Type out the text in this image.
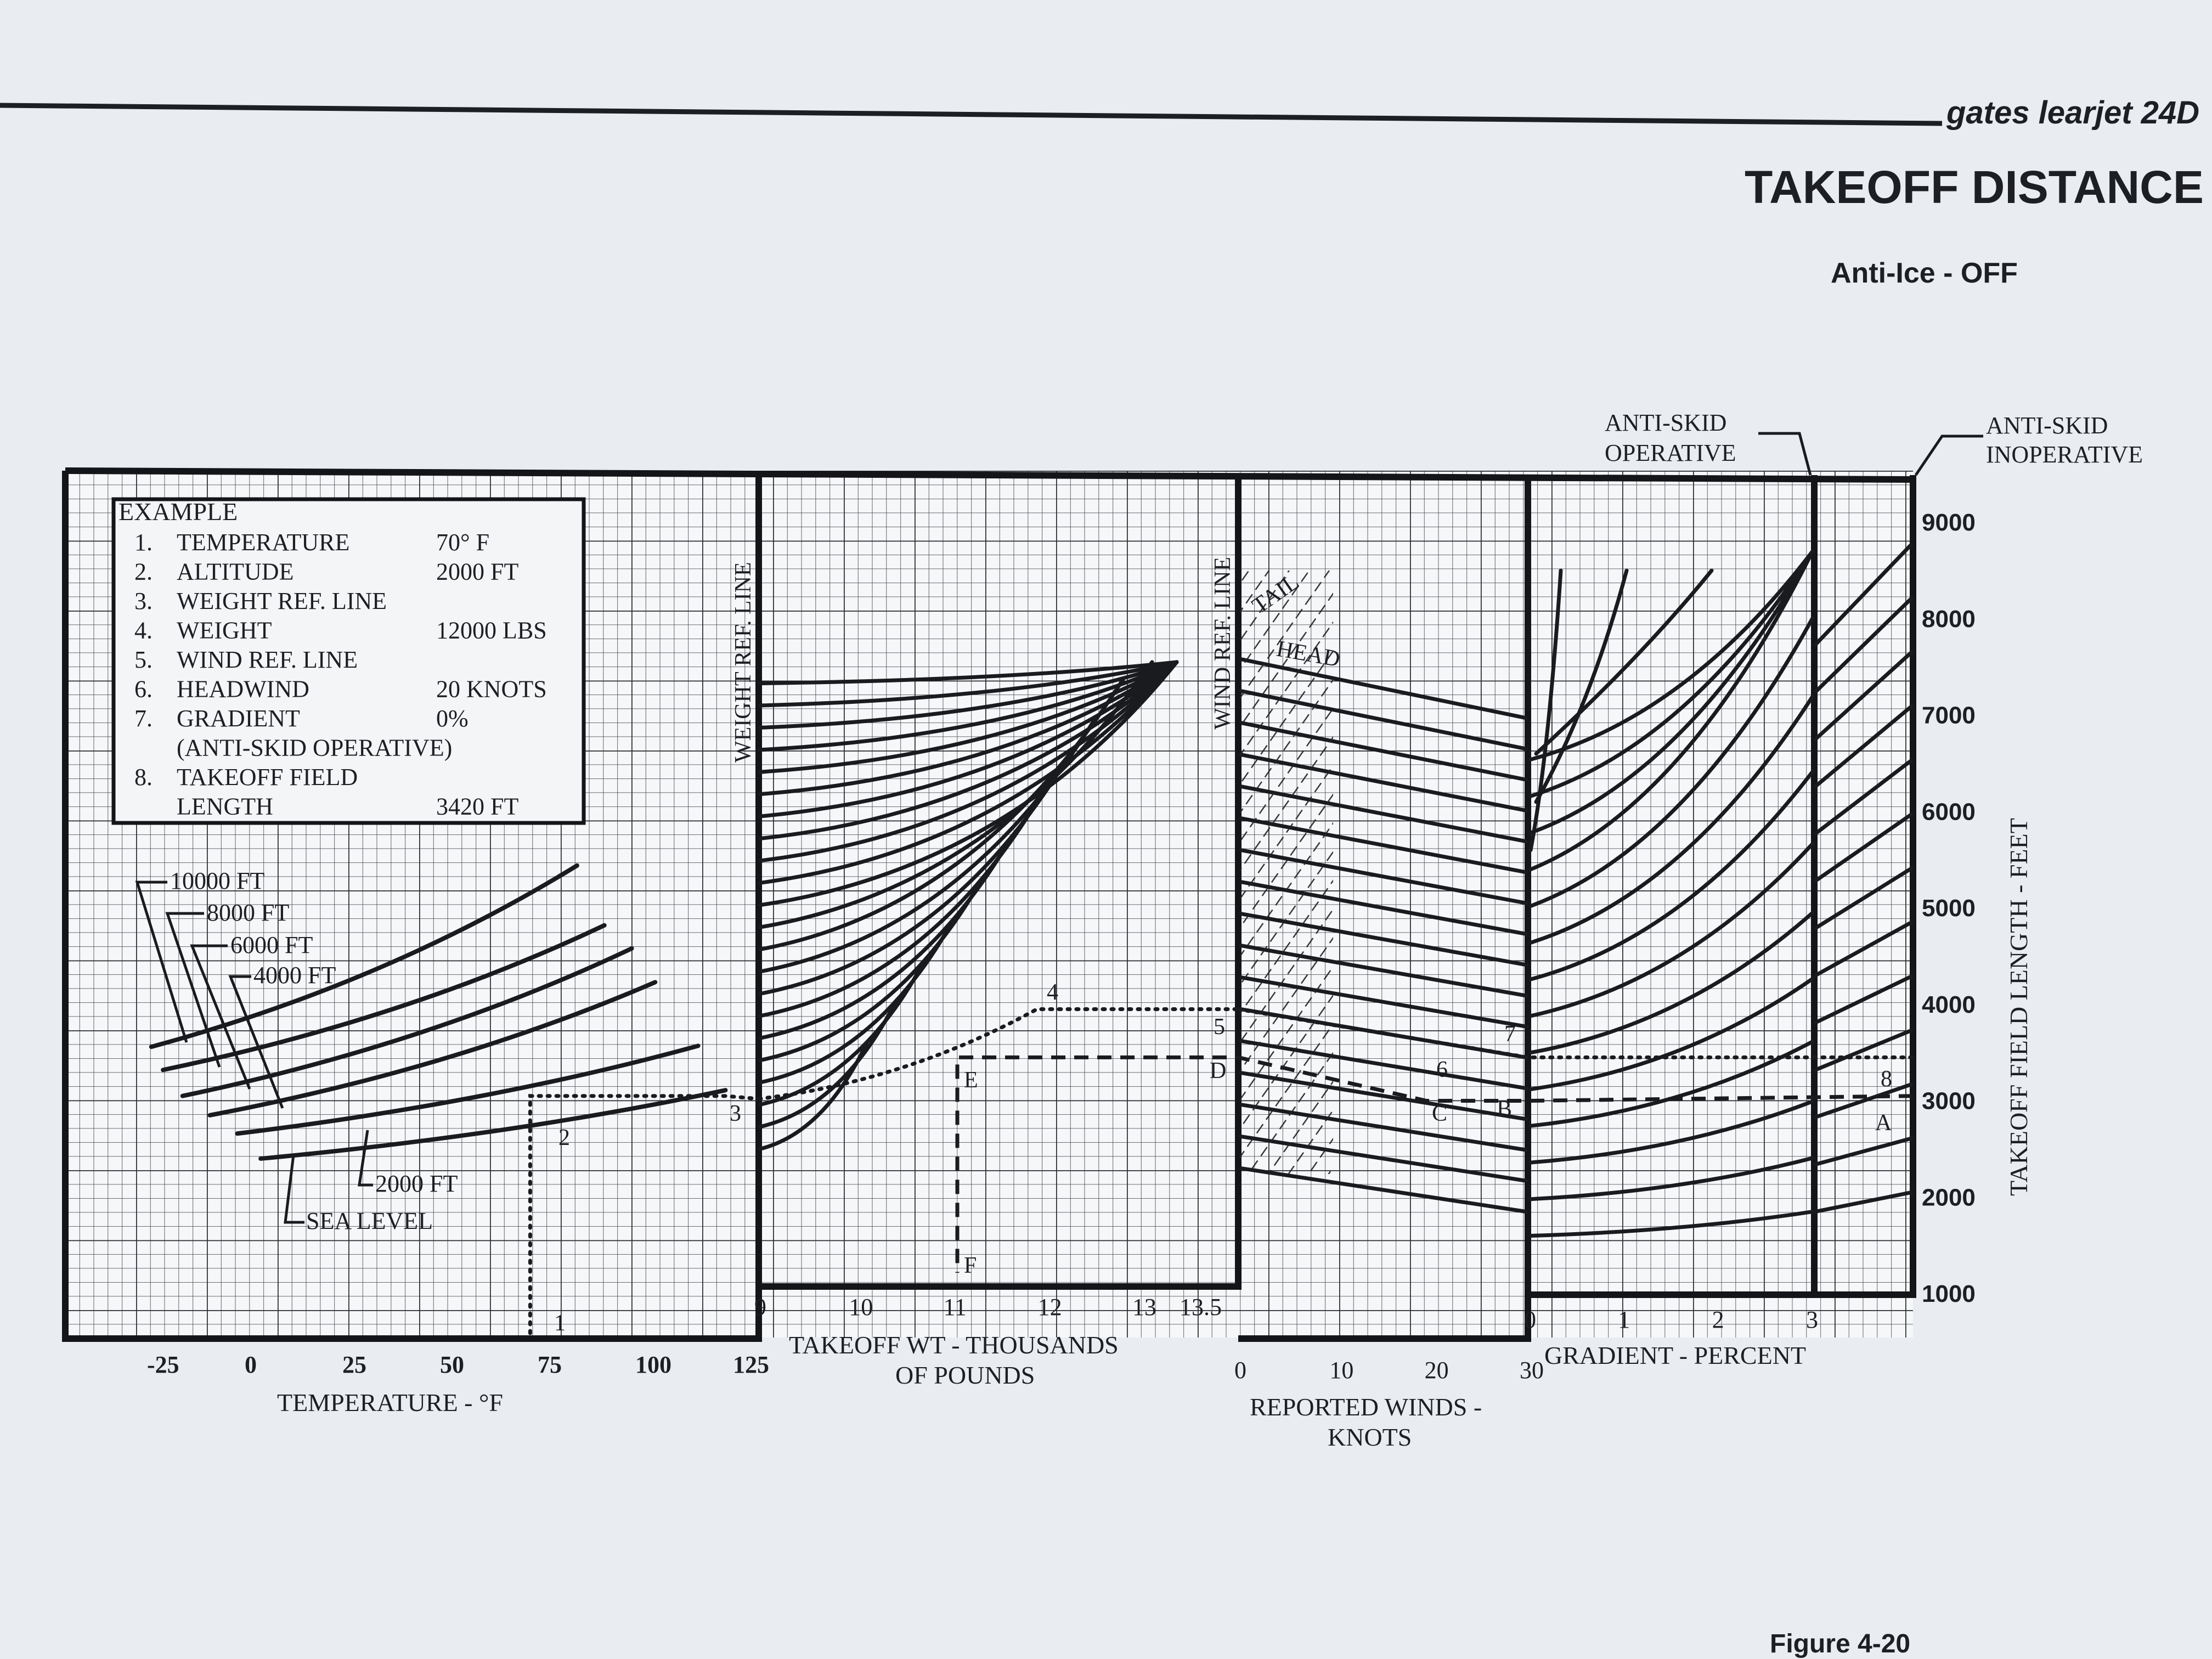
gates learjet 24D
TAKEOFF DISTANCE
Anti-Ice - OFF
Figure 4-20
EXAMPLE
1. TEMPERATURE	70° F
2. ALTITUDE	2000 FT
3. WEIGHT REF. LINE
4. WEIGHT	12000 LBS
5. WIND REF. LINE
6. HEADWIND	20 KNOTS
7. GRADIENT	0%
(ANTI-SKID OPERATIVE)
8. TAKEOFF FIELD
LENGTH	3420 FT
-25	0	25	50	75	100	125
TEMPERATURE - °F
9	10	11	12	13 13.5
TAKEOFF WT - THOUSANDS
OF POUNDS
WEIGHT REF. LINE
0	10	20	30
REPORTED WINDS -
KNOTS
WIND REF. LINE TAIL
HEAD
0	1	2	3
GRADIENT - PERCENT
ANTI-SKID
OPERATIVE
ANTI-SKID
INOPERATIVE
1000
2000
3000
4000
5000
6000
7000
8000
9000
TAKEOFF FIELD LENGTH - FEET
10000 FT
8000 FT
6000 FT
4000 FT
2000 FT
SEA LEVEL
1
2
3
4
5
6
7
8
A
B
C
D
E
F
